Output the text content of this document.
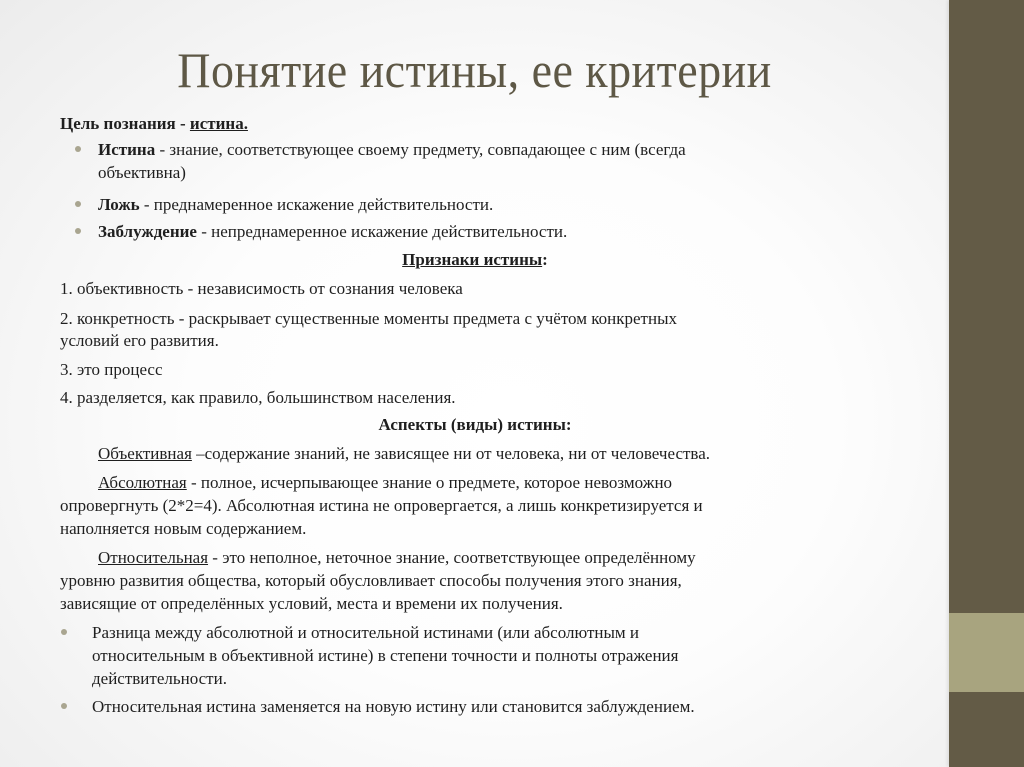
Понятие истины, ее критерии
Цель познания - истина.
Истина - знание, соответствующее своему предмету, совпадающее с ним (всегда
объективна)
Ложь - преднамеренное искажение действительности.
Заблуждение - непреднамеренное искажение действительности.
Признаки истины:
1. объективность - независимость от сознания человека
2. конкретность - раскрывает существенные моменты предмета с учётом конкретных
условий его развития.
3. это процесс
4. разделяется, как правило, большинством населения.
Аспекты (виды) истины:
Объективная –содержание знаний, не зависящее ни от человека, ни от человечества.
Абсолютная - полное, исчерпывающее знание о предмете, которое невозможно
опровергнуть (2*2=4). Абсолютная истина не опровергается, а лишь конкретизируется и
наполняется новым содержанием.
Относительная - это неполное, неточное знание, соответствующее определённому
уровню развития общества, который обусловливает способы получения этого знания,
зависящие от определённых условий, места и времени их получения.
Разница между абсолютной и относительной истинами (или абсолютным и
относительным в объективной истине) в степени точности и полноты отражения
действительности.
Относительная истина заменяется на новую истину или становится заблуждением.
